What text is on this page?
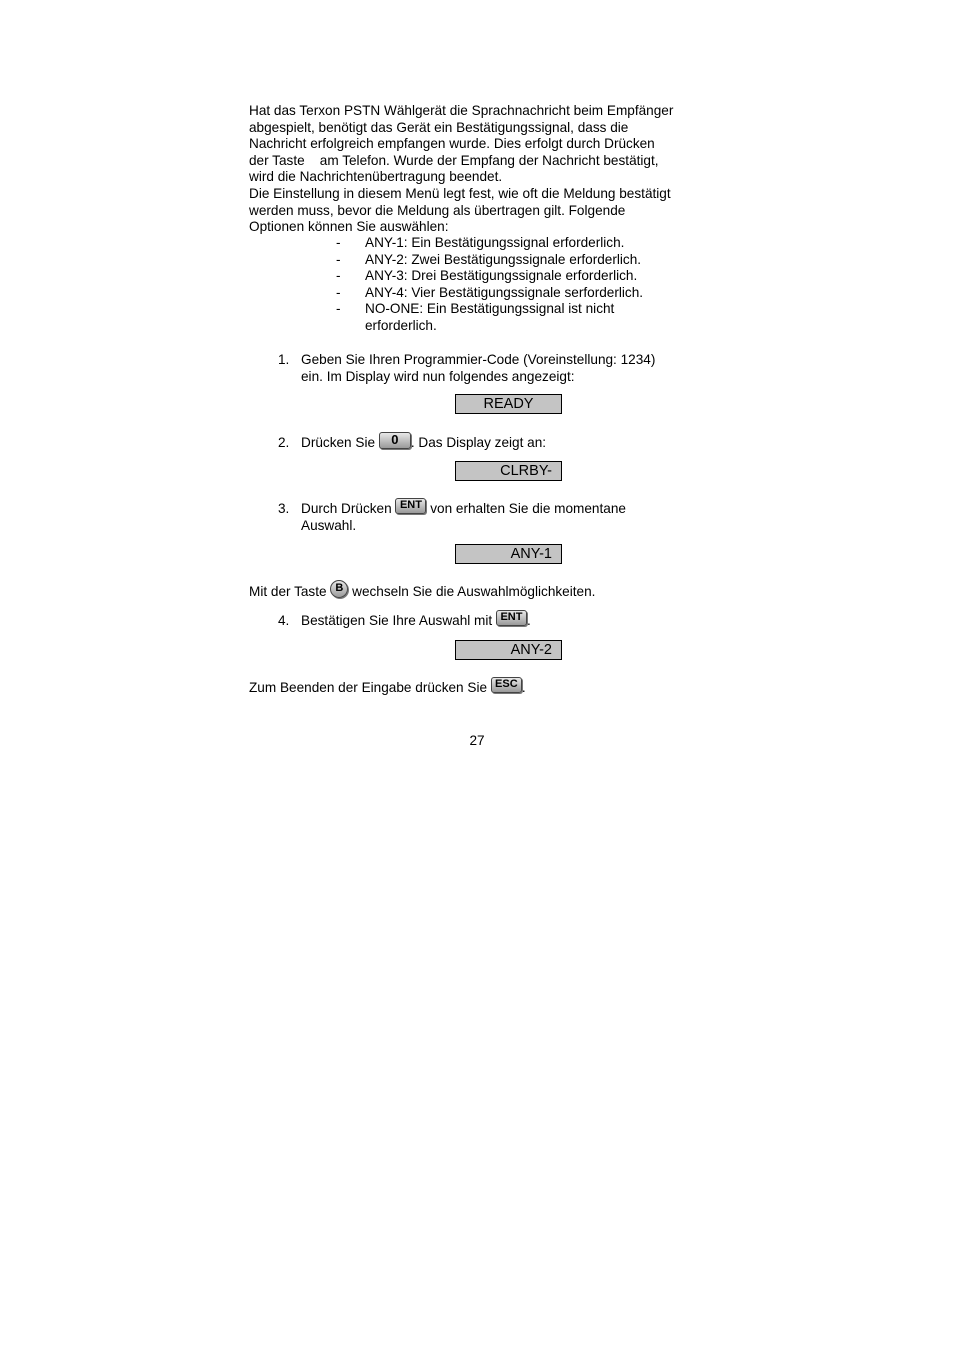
Hat das Terxon PSTN Wählgerät die Sprachnachricht beim Empfänger
abgespielt, benötigt das Gerät ein Bestätigungssignal, dass die
Nachricht erfolgreich empfangen wurde. Dies erfolgt durch Drücken
der Taste    am Telefon. Wurde der Empfang der Nachricht bestätigt,
wird die Nachrichtenübertragung beendet.
Die Einstellung in diesem Menü legt fest, wie oft die Meldung bestätigt
werden muss, bevor die Meldung als übertragen gilt. Folgende
Optionen können Sie auswählen:
- ANY-1: Ein Bestätigungssignal erforderlich.
- ANY-2: Zwei Bestätigungssignale erforderlich.
- ANY-3: Drei Bestätigungssignale erforderlich.
- ANY-4: Vier Bestätigungssignale serforderlich.
- NO-ONE: Ein Bestätigungssignal ist nicht
erforderlich.
1. Geben Sie Ihren Programmier-Code (Voreinstellung: 1234)
ein. Im Display wird nun folgendes angezeigt:
READY
2. Drücken Sie 0 . Das Display zeigt an:
CLRBY-
3. Durch Drücken ENT von erhalten Sie die momentane
Auswahl.
ANY-1
Mit der Taste B wechseln Sie die Auswahlmöglichkeiten.
4. Bestätigen Sie Ihre Auswahl mit ENT .
ANY-2
Zum Beenden der Eingabe drücken Sie ESC .
27
